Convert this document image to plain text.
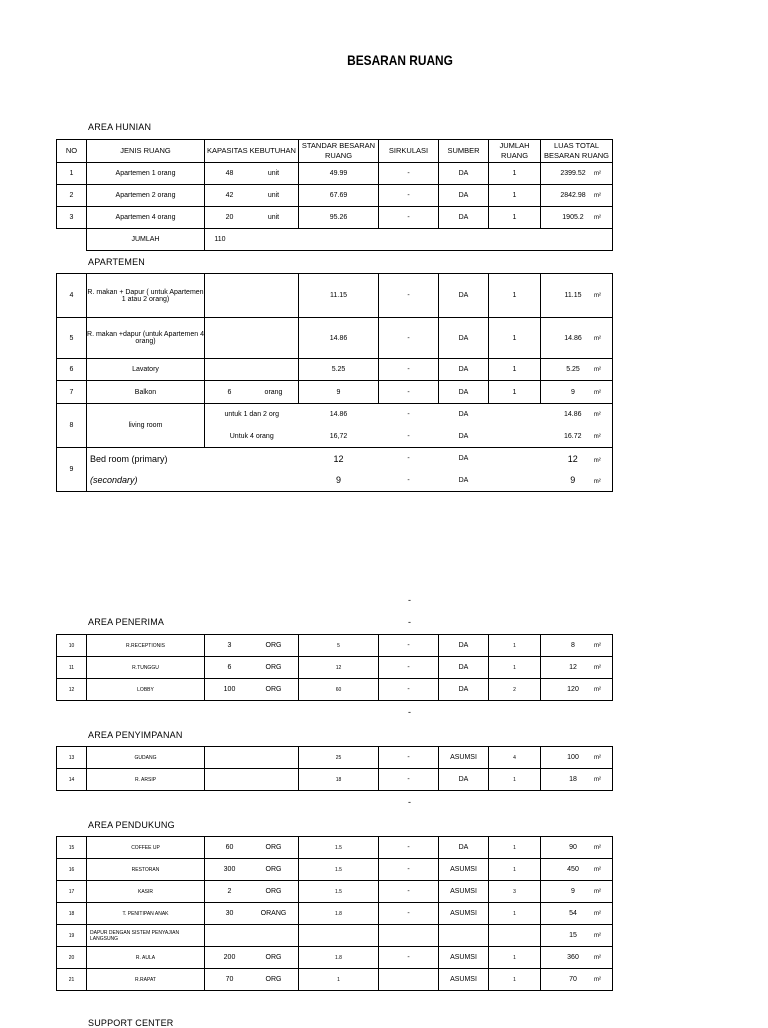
BESARAN RUANG
AREA HUNIAN
NO	JENIS RUANG	KAPASITAS KEBUTUHAN	STANDAR BESARAN RUANG	SIRKULASI	SUMBER	JUMLAH RUANG	LUAS TOTAL BESARAN RUANG
1	Apartemen 1 orang	48 unit	49.99	-	DA	1	2399.52 m²
2	Apartemen 2 orang	42 unit	67.69	-	DA	1	2842.98 m²
3	Apartemen 4 orang	20 unit	95.26	-	DA	1	1905.2 m²
	JUMLAH	110					
APARTEMEN
4	R. makan + Dapur ( untuk Apartemen 1 atau 2 orang)		11.15	-	DA	1	11.15 m²
5	R. makan +dapur (untuk Apartemen 4 orang)		14.86	-	DA	1	14.86 m²
6	Lavatory		5.25	-	DA	1	5.25 m²
7	Balkon	6 orang	9	-	DA	1	9 m²
8	living room	untuk 1 dan 2 org	14.86	-	DA		14.86 m²
		Untuk 4 orang	16,72	-	DA		16.72 m²
9	Bed room (primary)		12	-	DA		12 m²
	(secondary)		9	-	DA		9 m²
-
AREA PENERIMA	-
10	R.RECEPTIONIS	3 ORG	5	-	DA	1	8 m²
11	R.TUNGGU	6 ORG	12	-	DA	1	12 m²
12	LOBBY	100 ORG	60	-	DA	2	120 m²
-
AREA PENYIMPANAN
13	GUDANG		25	-	ASUMSI	4	100 m²
14	R. ARSIP		18	-	DA	1	18 m²
-
AREA PENDUKUNG
15	COFFEE UP	60 ORG	1.5	-	DA	1	90 m²
16	RESTORAN	300 ORG	1.5	-	ASUMSI	1	450 m²
17	KASIR	2 ORG	1.5	-	ASUMSI	3	9 m²
18	T. PENITIPAN ANAK	30 ORANG	1.8	-	ASUMSI	1	54 m²
19	DAPUR DENGAN SISTEM PENYAJIAN LANGSUNG						15 m²
20	R. AULA	200 ORG	1.8	-	ASUMSI	1	360 m²
21	R.RAPAT	70 ORG	1		ASUMSI	1	70 m²
SUPPORT CENTER
